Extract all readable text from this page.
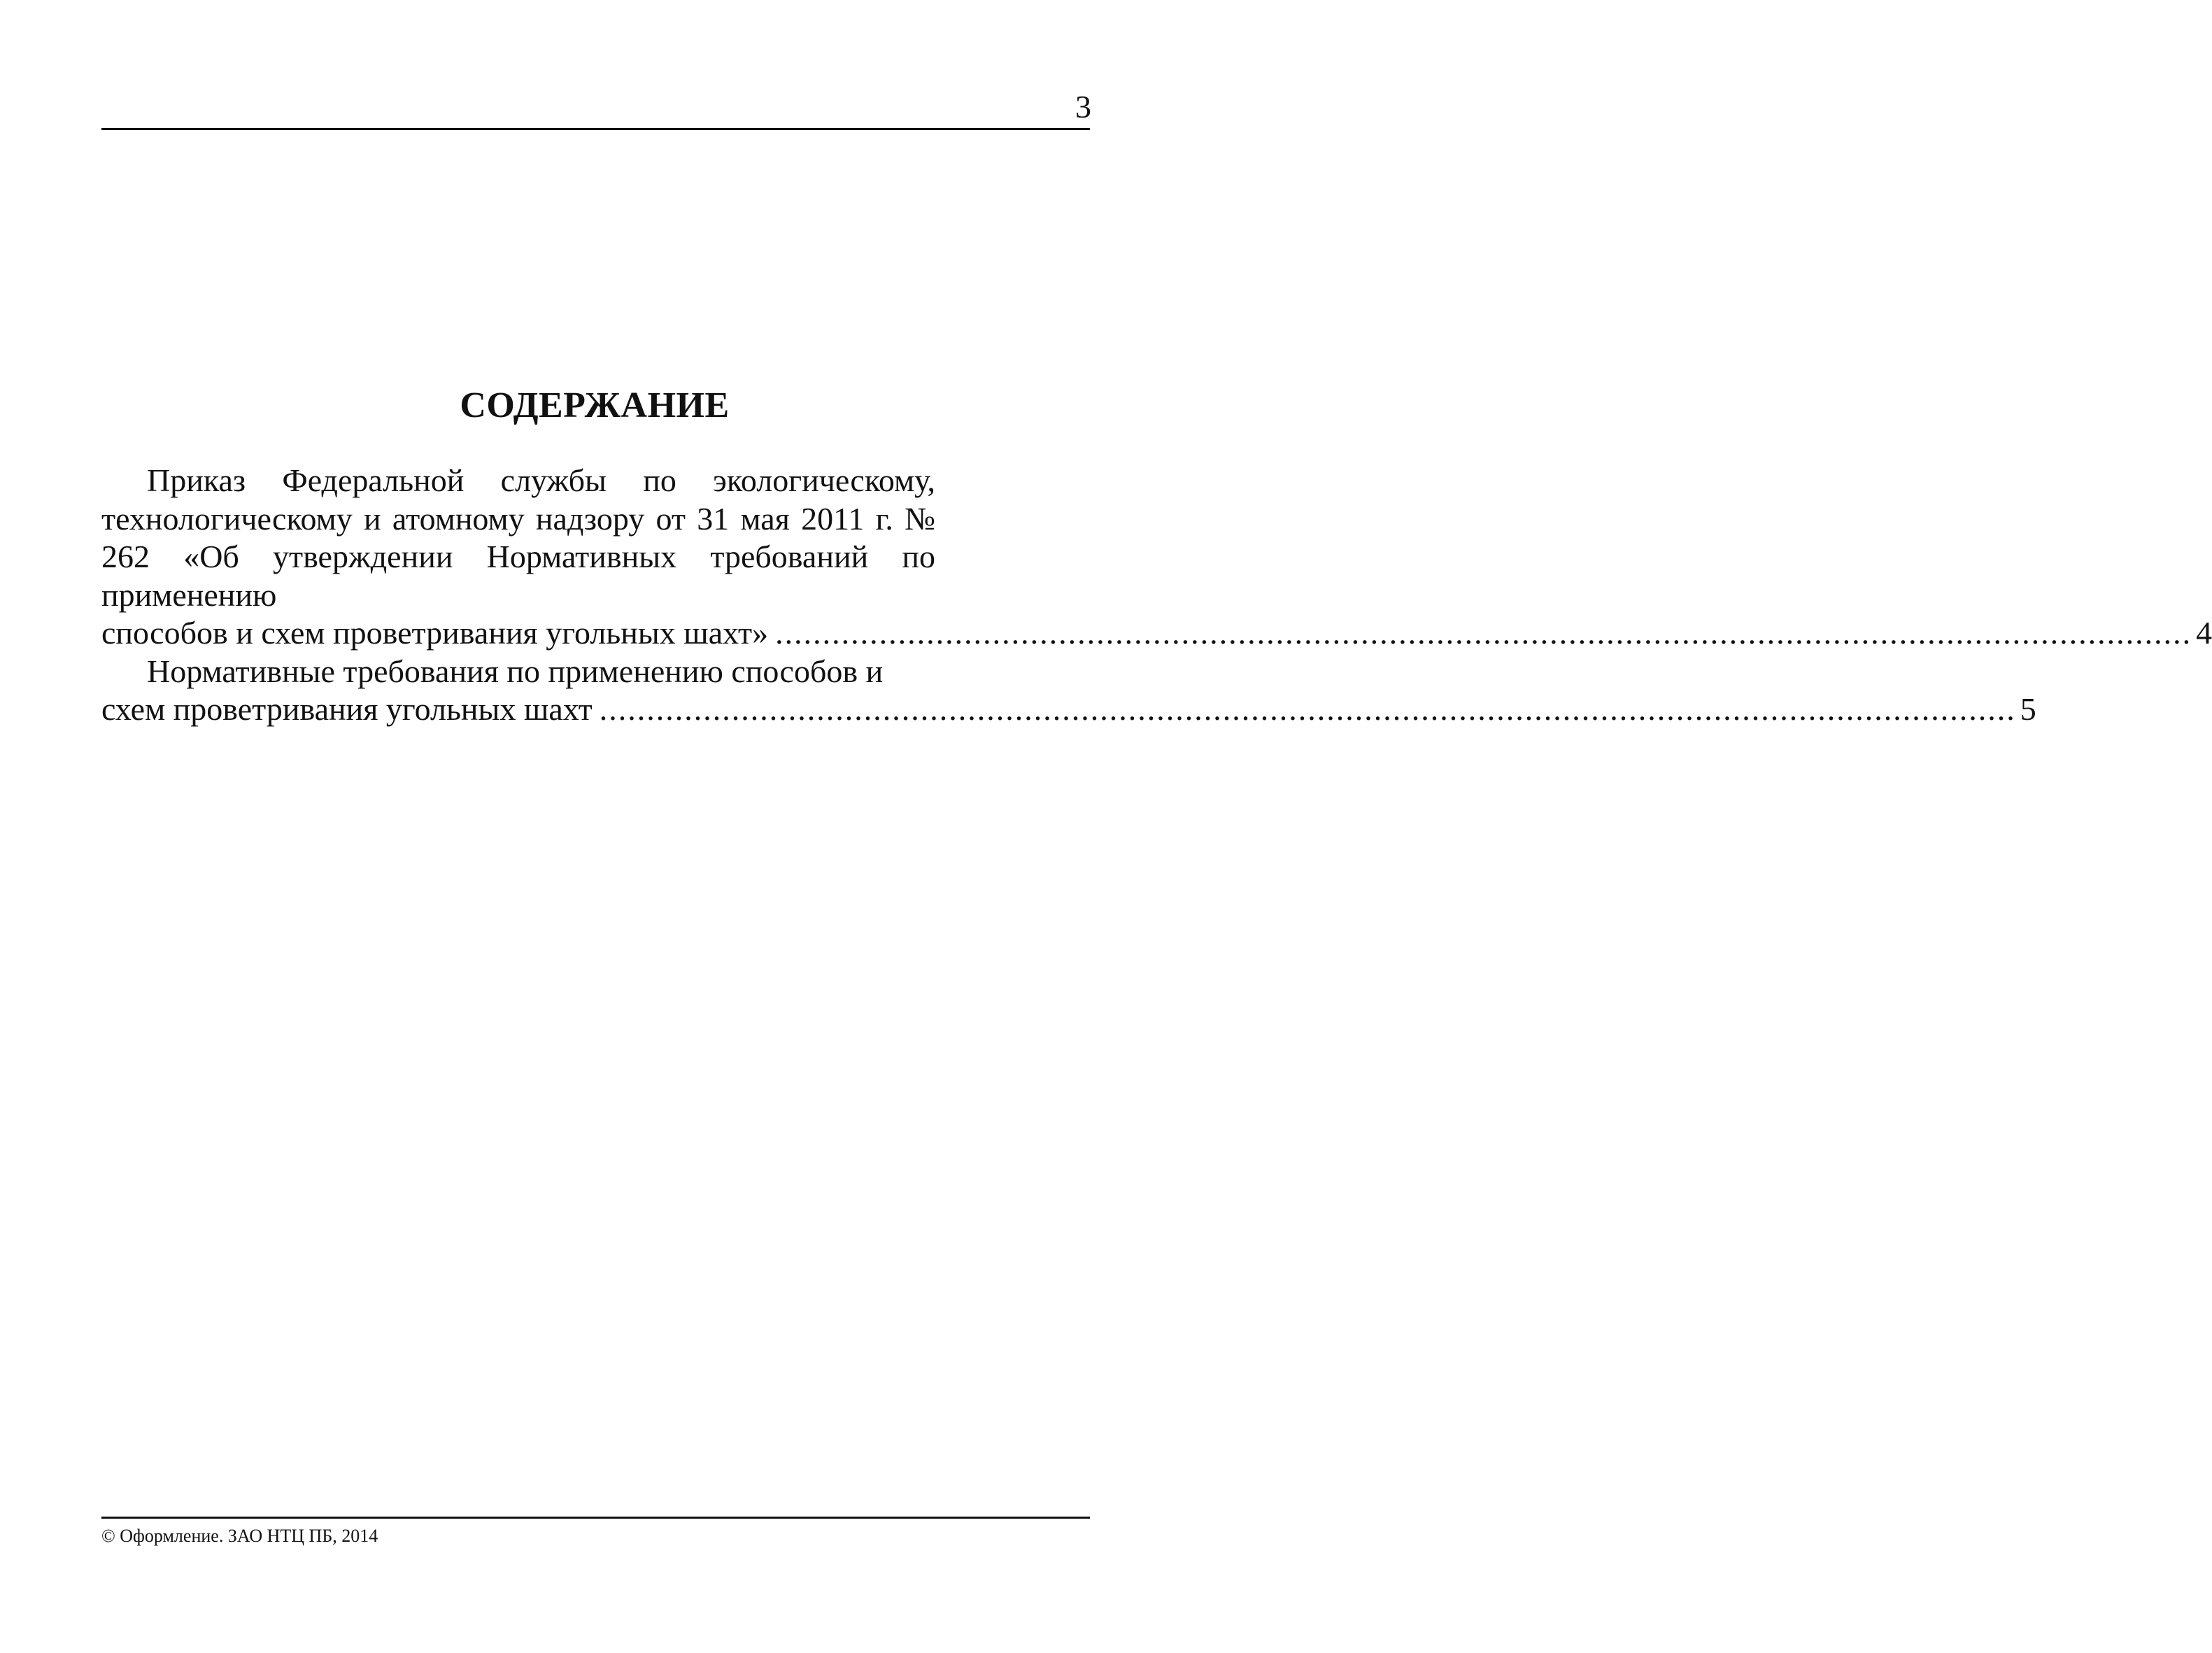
3
СОДЕРЖАНИЕ
Приказ Федеральной службы по экологическому, технологическому и атомному надзору от 31 мая 2011 г. № 262 «Об утверждении Нормативных требований по применению
способов и схем проветривания угольных шахт» ...................................................................................................................................................... 4
Нормативные требования по применению способов и
схем проветривания угольных шахт ...................................................................................................................................................... 5
© Оформление. ЗАО НТЦ ПБ, 2014
